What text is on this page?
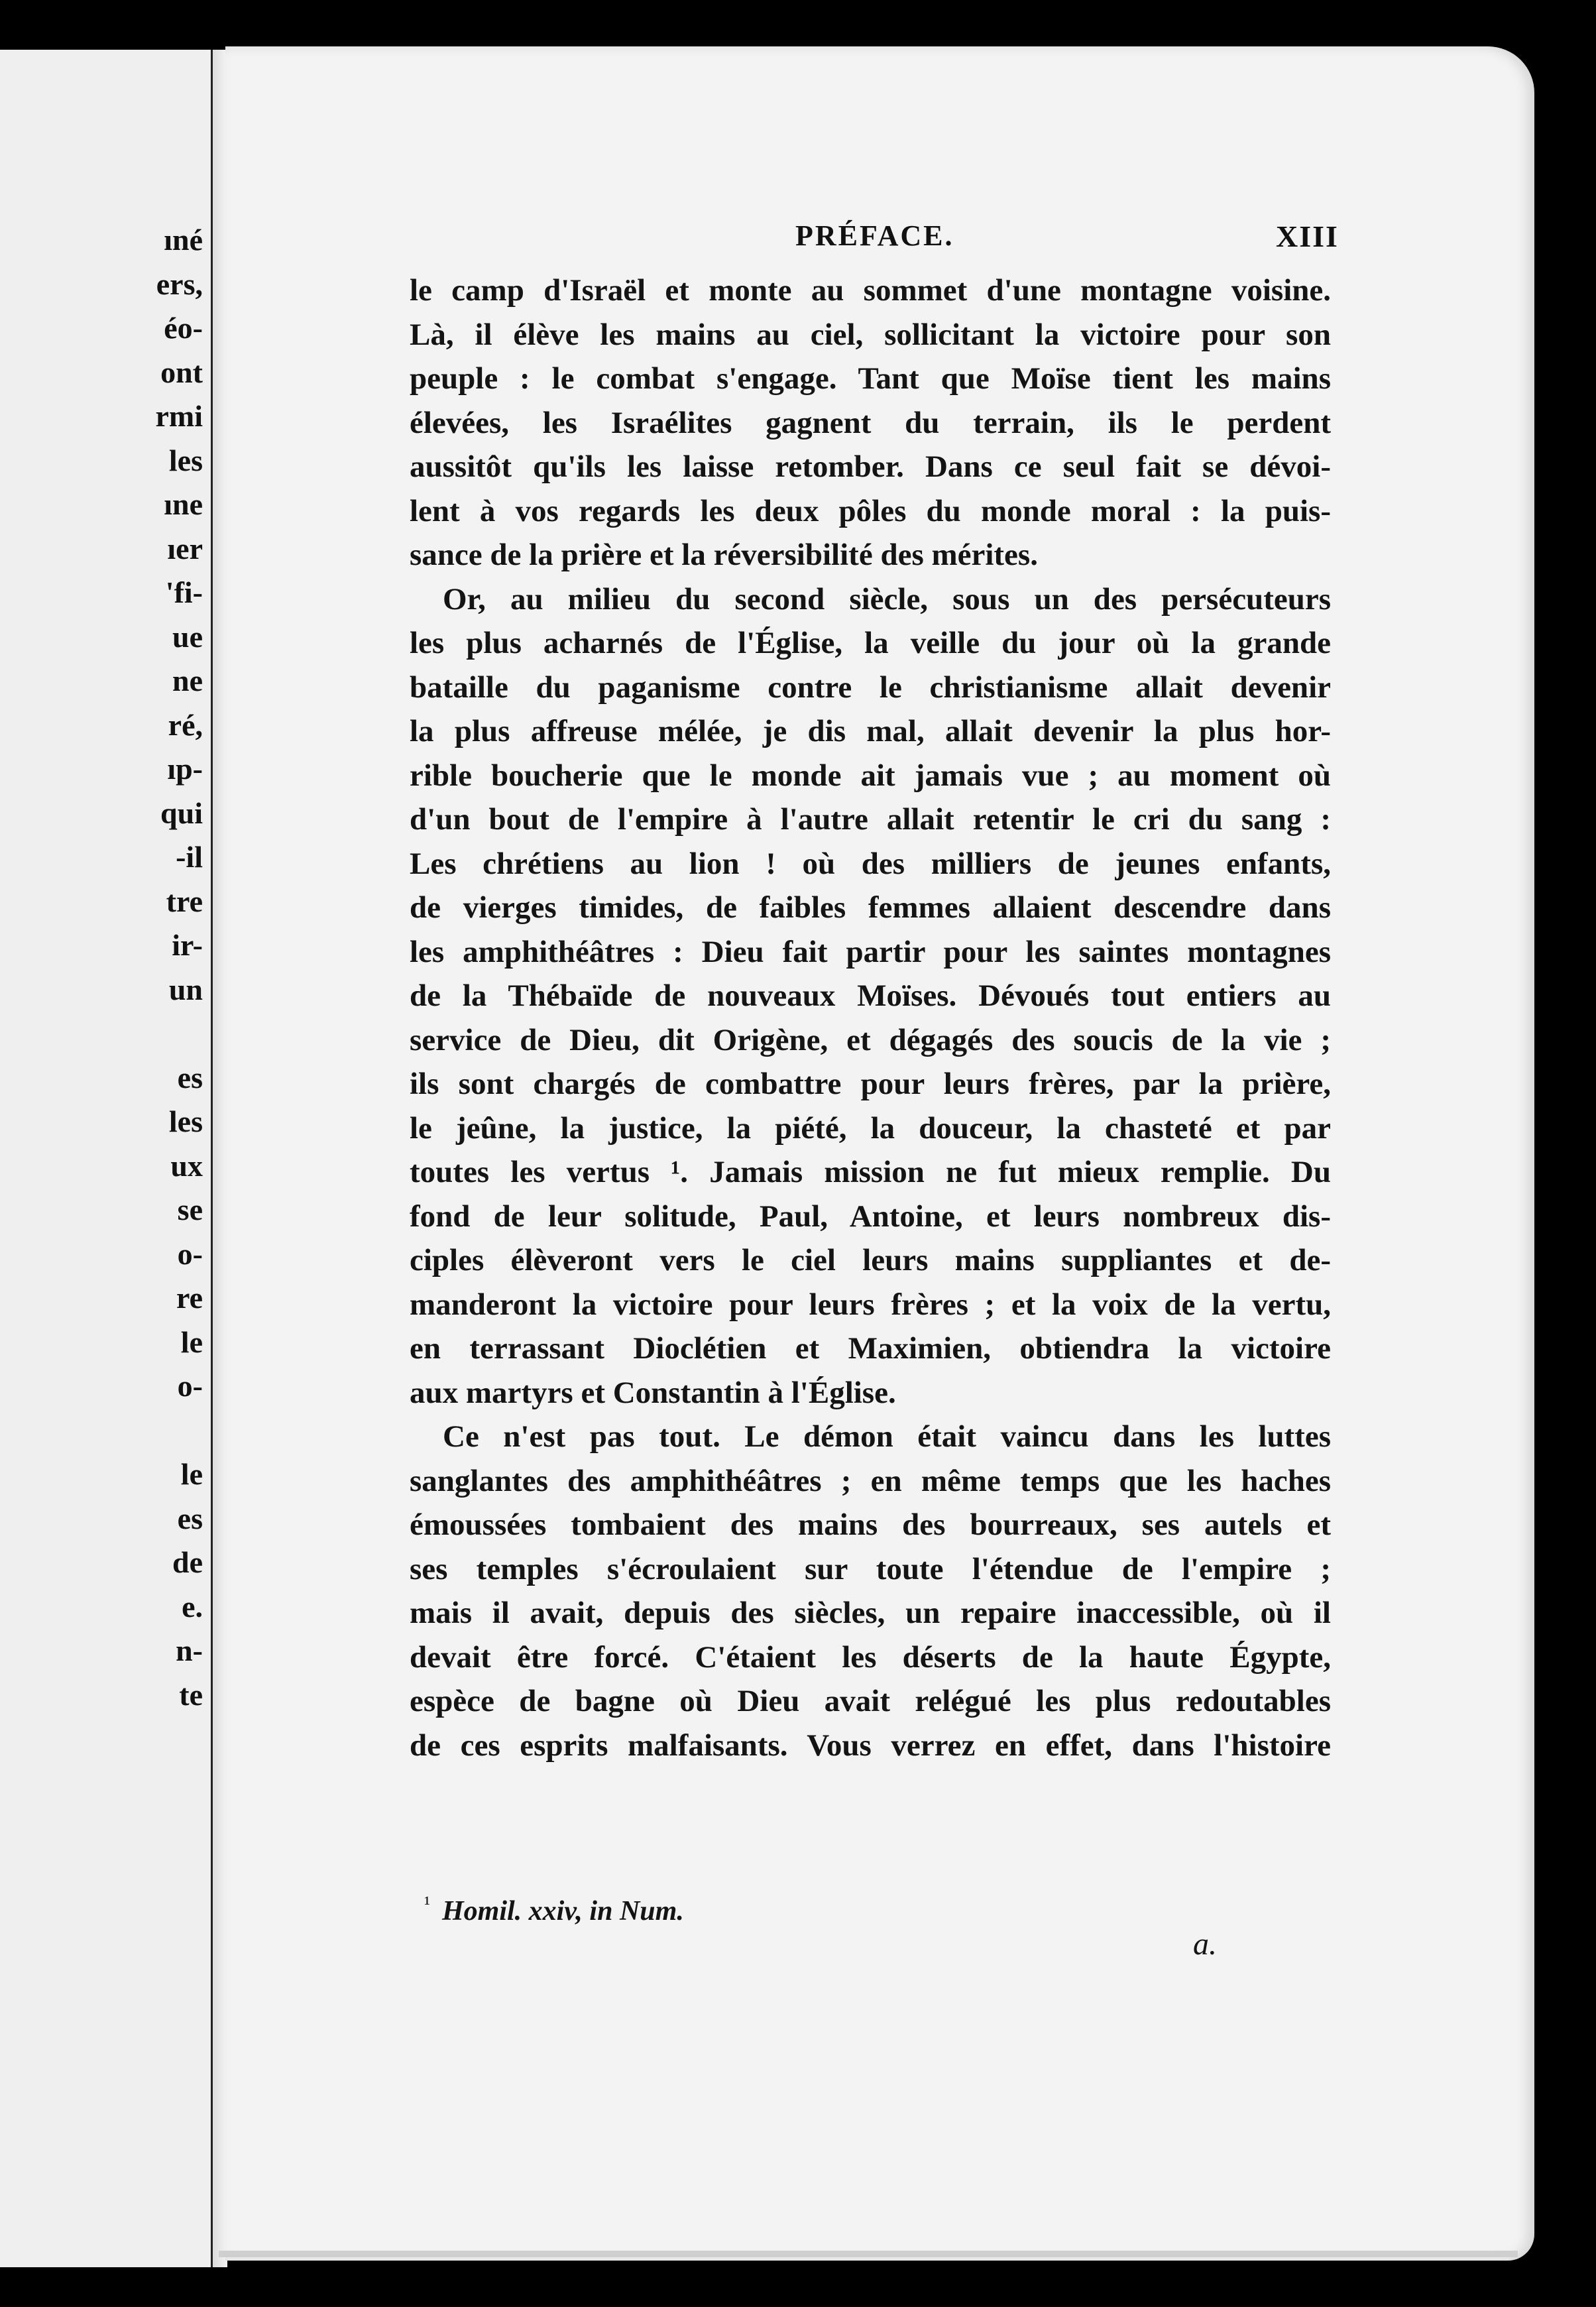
ıné
ers,
éo-
ont
rmi
les
ıne
ıer
'fi-
ue
ne
ré,
ıp-
qui
-il
tre
ir-
un
es
les
ux
se
o-
re
le
o-
le
es
de
e.
n-
te
PRÉFACE.	XIII
le camp d'Israël et monte au sommet d'une montagne voisine.
Là, il élève les mains au ciel, sollicitant la victoire pour son
peuple : le combat s'engage. Tant que Moïse tient les mains
élevées, les Israélites gagnent du terrain, ils le perdent
aussitôt qu'ils les laisse retomber. Dans ce seul fait se dévoi-
lent à vos regards les deux pôles du monde moral : la puis-
sance de la prière et la réversibilité des mérites.
Or, au milieu du second siècle, sous un des persécuteurs
les plus acharnés de l'Église, la veille du jour où la grande
bataille du paganisme contre le christianisme allait devenir
la plus affreuse mélée, je dis mal, allait devenir la plus hor-
rible boucherie que le monde ait jamais vue ; au moment où
d'un bout de l'empire à l'autre allait retentir le cri du sang :
Les chrétiens au lion ! où des milliers de jeunes enfants,
de vierges timides, de faibles femmes allaient descendre dans
les amphithéâtres : Dieu fait partir pour les saintes montagnes
de la Thébaïde de nouveaux Moïses. Dévoués tout entiers au
service de Dieu, dit Origène, et dégagés des soucis de la vie ;
ils sont chargés de combattre pour leurs frères, par la prière,
le jeûne, la justice, la piété, la douceur, la chasteté et par
toutes les vertus ¹. Jamais mission ne fut mieux remplie. Du
fond de leur solitude, Paul, Antoine, et leurs nombreux dis-
ciples élèveront vers le ciel leurs mains suppliantes et de-
manderont la victoire pour leurs frères ; et la voix de la vertu,
en terrassant Dioclétien et Maximien, obtiendra la victoire
aux martyrs et Constantin à l'Église.
Ce n'est pas tout. Le démon était vaincu dans les luttes
sanglantes des amphithéâtres ; en même temps que les haches
émoussées tombaient des mains des bourreaux, ses autels et
ses temples s'écroulaient sur toute l'étendue de l'empire ;
mais il avait, depuis des siècles, un repaire inaccessible, où il
devait être forcé. C'étaient les déserts de la haute Égypte,
espèce de bagne où Dieu avait relégué les plus redoutables
de ces esprits malfaisants. Vous verrez en effet, dans l'histoire
$^{^1}$ Homil. xxiv, in Num.
a.
